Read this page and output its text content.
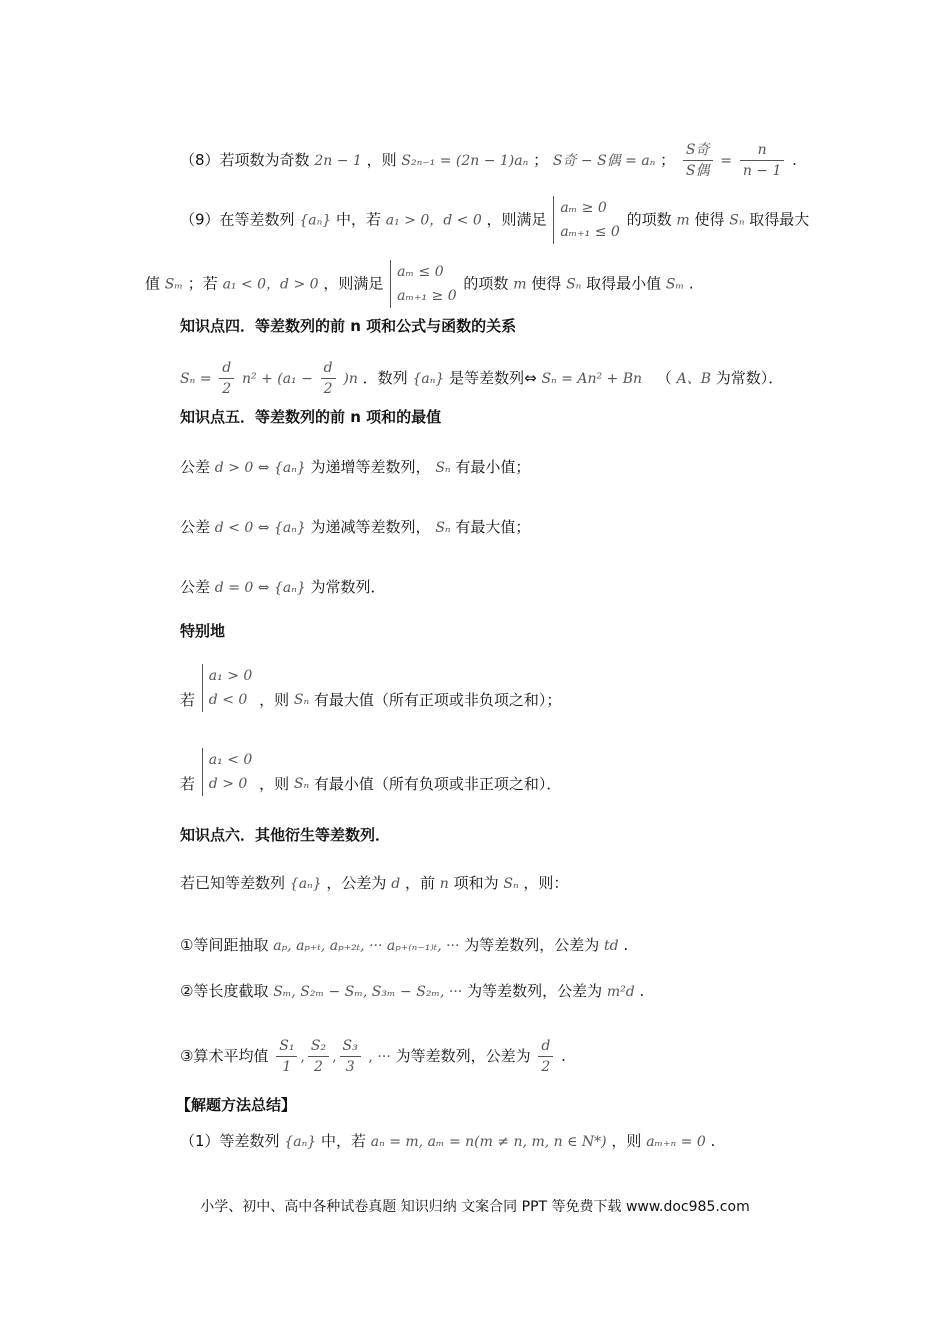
（8）若项数为奇数 2n − 1 ，则 S₂ₙ₋₁ = (2n − 1)aₙ ； S奇 − S偶 = aₙ ； $\frac{\text{S奇}}{\text{S偶}} = \frac{n}{n - 1}$ .
（9）在等差数列 {aₙ} 中，若 a₁ > 0，d < 0 ，则满足
aₘ ≥ 0
aₘ₊₁ ≤ 0
的项数 m 使得 Sₙ 取得最大
值 Sₘ ；若 a₁ < 0，d > 0 ，则满足
aₘ ≤ 0
aₘ₊₁ ≥ 0
的项数 m 使得 Sₙ 取得最小值 Sₘ .
知识点四．等差数列的前 n 项和公式与函数的关系
$S_n = \frac{d}{2} n^2 + (a_1 - \frac{d}{2} )n$ ．数列 {aₙ} 是等差数列⇔ Sₙ = An² + Bn （ A、B 为常数）．
知识点五．等差数列的前 n 项和的最值
公差 d > 0 ⇔ {aₙ} 为递增等差数列， Sₙ 有最小值；
公差 d < 0 ⇔ {aₙ} 为递减等差数列， Sₙ 有最大值；
公差 d = 0 ⇔ {aₙ} 为常数列．
特别地
若
a₁ > 0
d < 0 ，则 Sₙ 有最大值（所有正项或非负项之和）；
若
a₁ < 0
d > 0 ，则 Sₙ 有最小值（所有负项或非正项之和）．
知识点六．其他衍生等差数列．
若已知等差数列 {aₙ} ，公差为 d ，前 n 项和为 Sₙ ，则：
①等间距抽取 aₚ, aₚ₊ₜ, aₚ₊₂ₜ, ··· aₚ₊₍ₙ₋₁₎ₜ, ··· 为等差数列，公差为 td .
②等长度截取 Sₘ, S₂ₘ − Sₘ, S₃ₘ − S₂ₘ, ··· 为等差数列，公差为 m²d .
③算术平均值 $\frac{\text{S₁}}{1}$ , $\frac{\text{S₂}}{2}$ , $\frac{\text{S₃}}{3}$ , ··· 为等差数列，公差为 $\frac{d}{2}$ .
【解题方法总结】
（1）等差数列 {aₙ} 中，若 aₙ = m, aₘ = n(m ≠ n, m, n ∈ N*) ，则 aₘ₊ₙ = 0 .
小学、初中、高中各种试卷真题 知识归纳 文案合同 PPT 等免费下载 www.doc985.com
